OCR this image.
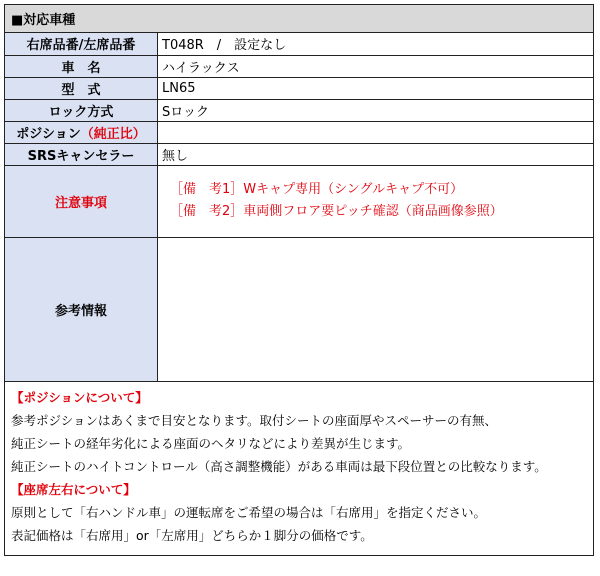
■対応車種
右席品番/左席品番	T048R　/　設定なし
車　名	ハイラックス
型　式	LN65
ロック方式	Sロック
ポジション（純正比）	
SRSキャンセラー	無し
注意事項	［備　考1］Wキャプ専用（シングルキャプ不可）
［備　考2］車両側フロア要ピッチ確認（商品画像参照）

参考情報	
【ポジションについて】
参考ポジションはあくまで目安となります。取付シートの座面厚やスペーサーの有無、
純正シートの経年劣化による座面のヘタリなどにより差異が生じます。
純正シートのハイトコントロール（高さ調整機能）がある車両は最下段位置との比較なります。
【座席左右について】
原則として「右ハンドル車」の運転席をご希望の場合は「右席用」を指定ください。
表記価格は「右席用」or「左席用」どちらか１脚分の価格です。
